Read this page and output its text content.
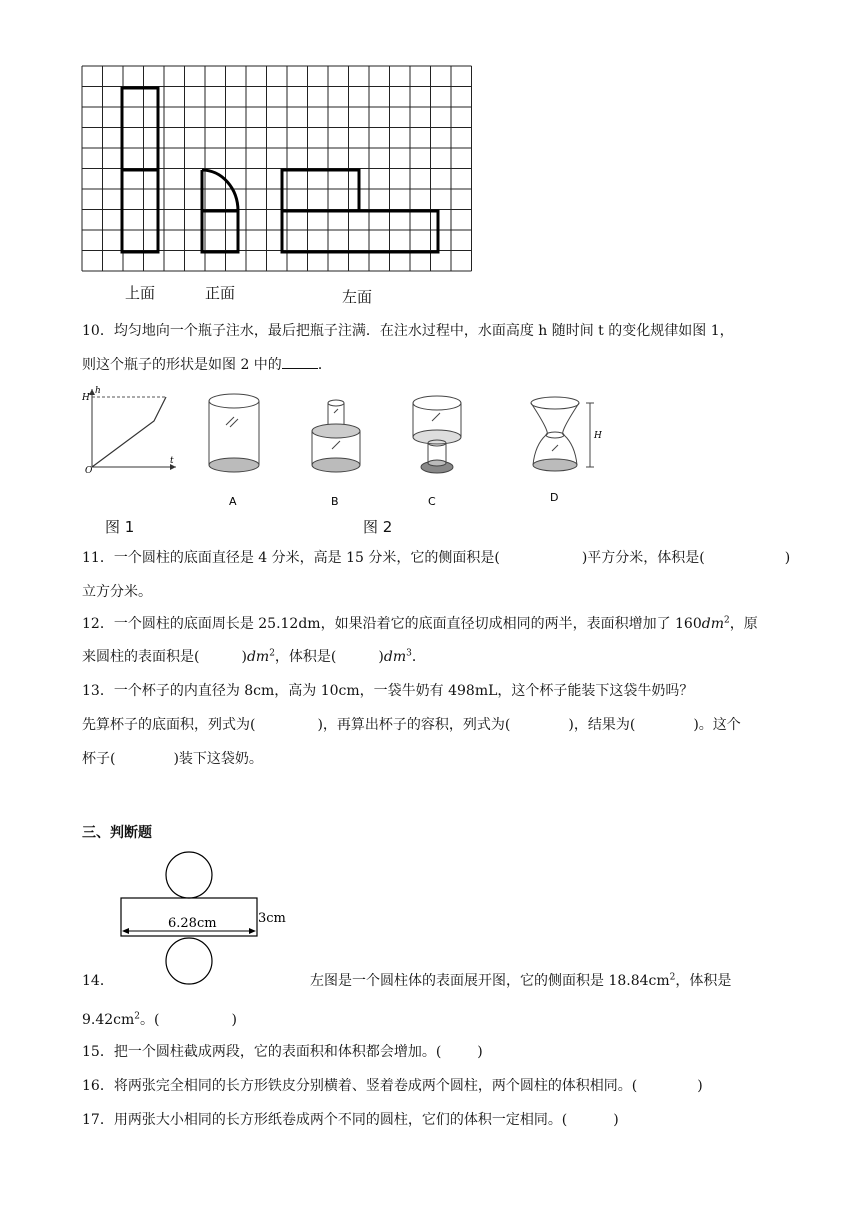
上面	正面	左面
10．均匀地向一个瓶子注水，最后把瓶子注满．在注水过程中，水面高度 h 随时间 t 的变化规律如图 1，
则这个瓶子的形状是如图 2 中的	．
h
H
O
t
A	B	C	D
H
图 1	图 2
11．一个圆柱的底面直径是 4 分米，高是 15 分米，它的侧面积是(	)平方分米，体积是(	)
立方分米。
12．一个圆柱的底面周长是 25.12dm，如果沿着它的底面直径切成相同的两半，表面积增加了 $160dm^2$，原
来圆柱的表面积是(	)$dm^2$，体积是(	)$dm^3$．
13．一个杯子的内直径为 8cm，高为 10cm，一袋牛奶有 498mL，这个杯子能装下这袋牛奶吗？
先算杯子的底面积，列式为(	)，再算出杯子的容积，列式为(	)，结果为(	)。这个
杯子(	)装下这袋奶。
三、判断题
6.28cm	3cm
14．	左图是一个圆柱体的表面展开图，它的侧面积是 $18.84cm^2$，体积是
$9.42cm^2$。(	)
15．把一个圆柱截成两段，它的表面积和体积都会增加。(	)
16．将两张完全相同的长方形铁皮分别横着、竖着卷成两个圆柱，两个圆柱的体积相同。(	)
17．用两张大小相同的长方形纸卷成两个不同的圆柱，它们的体积一定相同。(	)
